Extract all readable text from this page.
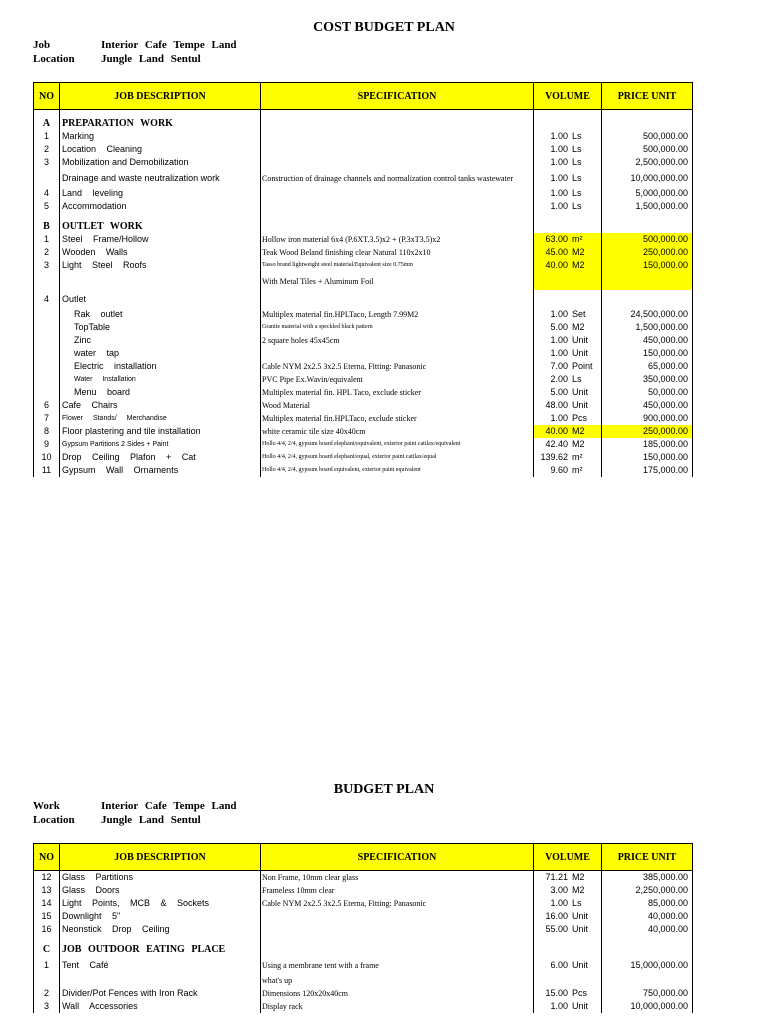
COST BUDGET PLAN
Job	Interior Cafe Tempe Land
Location Jungle Land Sentul
NO	JOB DESCRIPTION	SPECIFICATION	VOLUME	PRICE UNIT

A	PREPARATION WORK			
1	Marking		1.00 Ls	500,000.00
2	Location Cleaning		1.00 Ls	500,000.00
3	Mobilization and Demobilization		1.00 Ls	2,500,000.00
	Drainage and waste neutralization work	Construction of drainage channels and normalization control tanks wastewater	1.00 Ls	10,000,000.00
4	Land leveling		1.00 Ls	5,000,000.00
5	Accommodation		1.00 Ls	1,500,000.00

B	OUTLET WORK			
1	Steel Frame/Hollow	Hollow iron material 6x4 (P.6XT.3.5)x2 + (P.3xT3.5)x2	63.00 m²	500,000.00
2	Wooden Walls	Teak Wood Beland finishing clear Natural 110x2x10	45.00 M2	250,000.00
3	Light Steel Roofs	Tasso brand lightweight steel material/Equivalent size 0.75mm	40.00 M2	150,000.00
		With Metal Tiles + Aluminum Foil		
4	Outlet			
	Rak outlet	Multiplex material fin.HPLTaco, Length 7.99M2	1.00 Set	24,500,000.00
	TopTable	Granite material with a speckled black pattern	5.00 M2	1,500,000.00
	Zinc	2 square holes 45x45cm	1.00 Unit	450,000.00
	water tap		1.00 Unit	150,000.00
	Electric installation	Cable NYM 2x2.5 3x2.5 Eterna, Fitting: Panasonic	7.00 Point	65,000.00
	Water Installation	PVC Pipe Ex.Wavin/equivalent	2.00 Ls	350,000.00
	Menu board	Multiplex material fin. HPL Taco, exclude sticker	5.00 Unit	50,000.00
6	Cafe Chairs	Wood Material	48.00 Unit	450,000.00
7	Flower Stands/ Merchandise	Multiplex material fin.HPLTaco, exclude sticker	1.00 Pcs	900,000.00
8	Floor plastering and tile installation	white ceramic tile size 40x40cm	40.00 M2	250,000.00
9	Gypsum Partitions 2 Sides + Paint	Hollo 4/4, 2/4, gypsum board elephant/equivalent, exterior paint catilax/equivalent	42.40 M2	185,000.00
10	Drop Ceiling Plafon + Cat	Hollo 4/4, 2/4, gypsum board elephant/equal, exterior paint catilax/equal	139.62 m²	150,000.00
11	Gypsum Wall Ornaments	Hollo 4/4, 2/4, gypsum board equivalent, exterior paint equivalent	9.60 m²	175,000.00
BUDGET PLAN
Work	Interior Cafe Tempe Land
Location Jungle Land Sentul
NO	JOB DESCRIPTION	SPECIFICATION	VOLUME	PRICE UNIT
12	Glass Partitions	Non Frame, 10mm clear glass	71.21 M2	385,000.00
13	Glass Doors	Frameless 10mm clear	3.00 M2	2,250,000.00
14	Light Points, MCB & Sockets	Cable NYM 2x2.5 3x2.5 Eterna, Fitting: Panasonic	1.00 Ls	85,000.00
15	Downlight 5"		16.00 Unit	40,000.00
16	Neonstick Drop Ceiling		55.00 Unit	40,000.00

C	JOB OUTDOOR EATING PLACE			
1	Tent Café	Using a membrane tent with a frame	6.00 Unit	15,000,000.00
		what's up		
2	Divider/Pot Fences with Iron Rack	Dimensions 120x20x40cm	15.00 Pcs	750,000.00
3	Wall Accessories	Display rack	1.00 Unit	10,000,000.00
